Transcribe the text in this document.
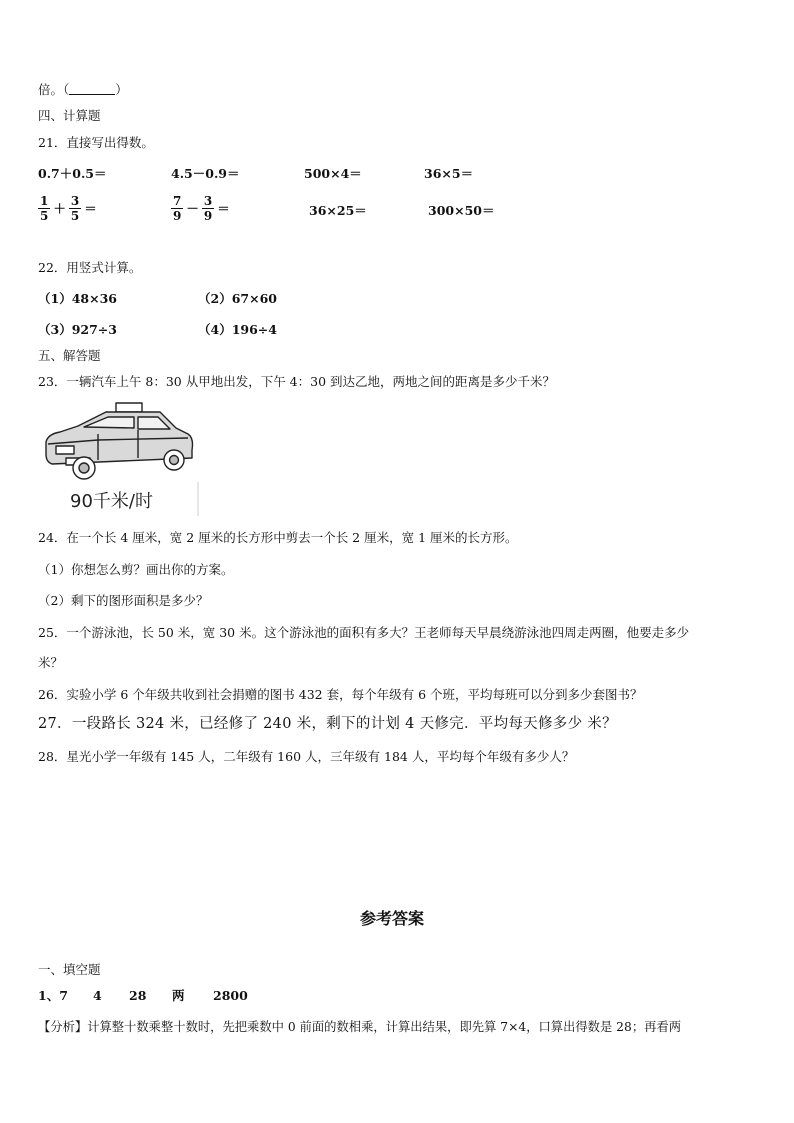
倍。（	）
四、计算题
21．直接写出得数。
0.7＋0.5＝	4.5－0.9＝	500×4＝	36×5＝
$\frac{1}{5} + \frac{3}{5}$ ＝	$\frac{7}{9} - \frac{3}{9}$ ＝	36×25＝	300×50＝
22．用竖式计算。
（1）48×36	（2）67×60
（3）927÷3	（4）196÷4
五、解答题
23．一辆汽车上午 8：30 从甲地出发，下午 4：30 到达乙地，两地之间的距离是多少千米？
90千米/时
24．在一个长 4 厘米，宽 2 厘米的长方形中剪去一个长 2 厘米，宽 1 厘米的长方形。
（1）你想怎么剪？画出你的方案。
（2）剩下的图形面积是多少？
25．一个游泳池，长 50 米，宽 30 米。这个游泳池的面积有多大？王老师每天早晨绕游泳池四周走两圈，他要走多少
米？
26．实验小学 6 个年级共收到社会捐赠的图书 432 套，每个年级有 6 个班，平均每班可以分到多少套图书？
27．一段路长 324 米，已经修了 240 米，剩下的计划 4 天修完．平均每天修多少 米？
28．星光小学一年级有 145 人，二年级有 160 人，三年级有 184 人，平均每个年级有多少人？
参考答案
一、填空题
1、7 4 28 两 2800
【分析】计算整十数乘整十数时，先把乘数中 0 前面的数相乘，计算出结果，即先算 7×4，口算出得数是 28；再看两
